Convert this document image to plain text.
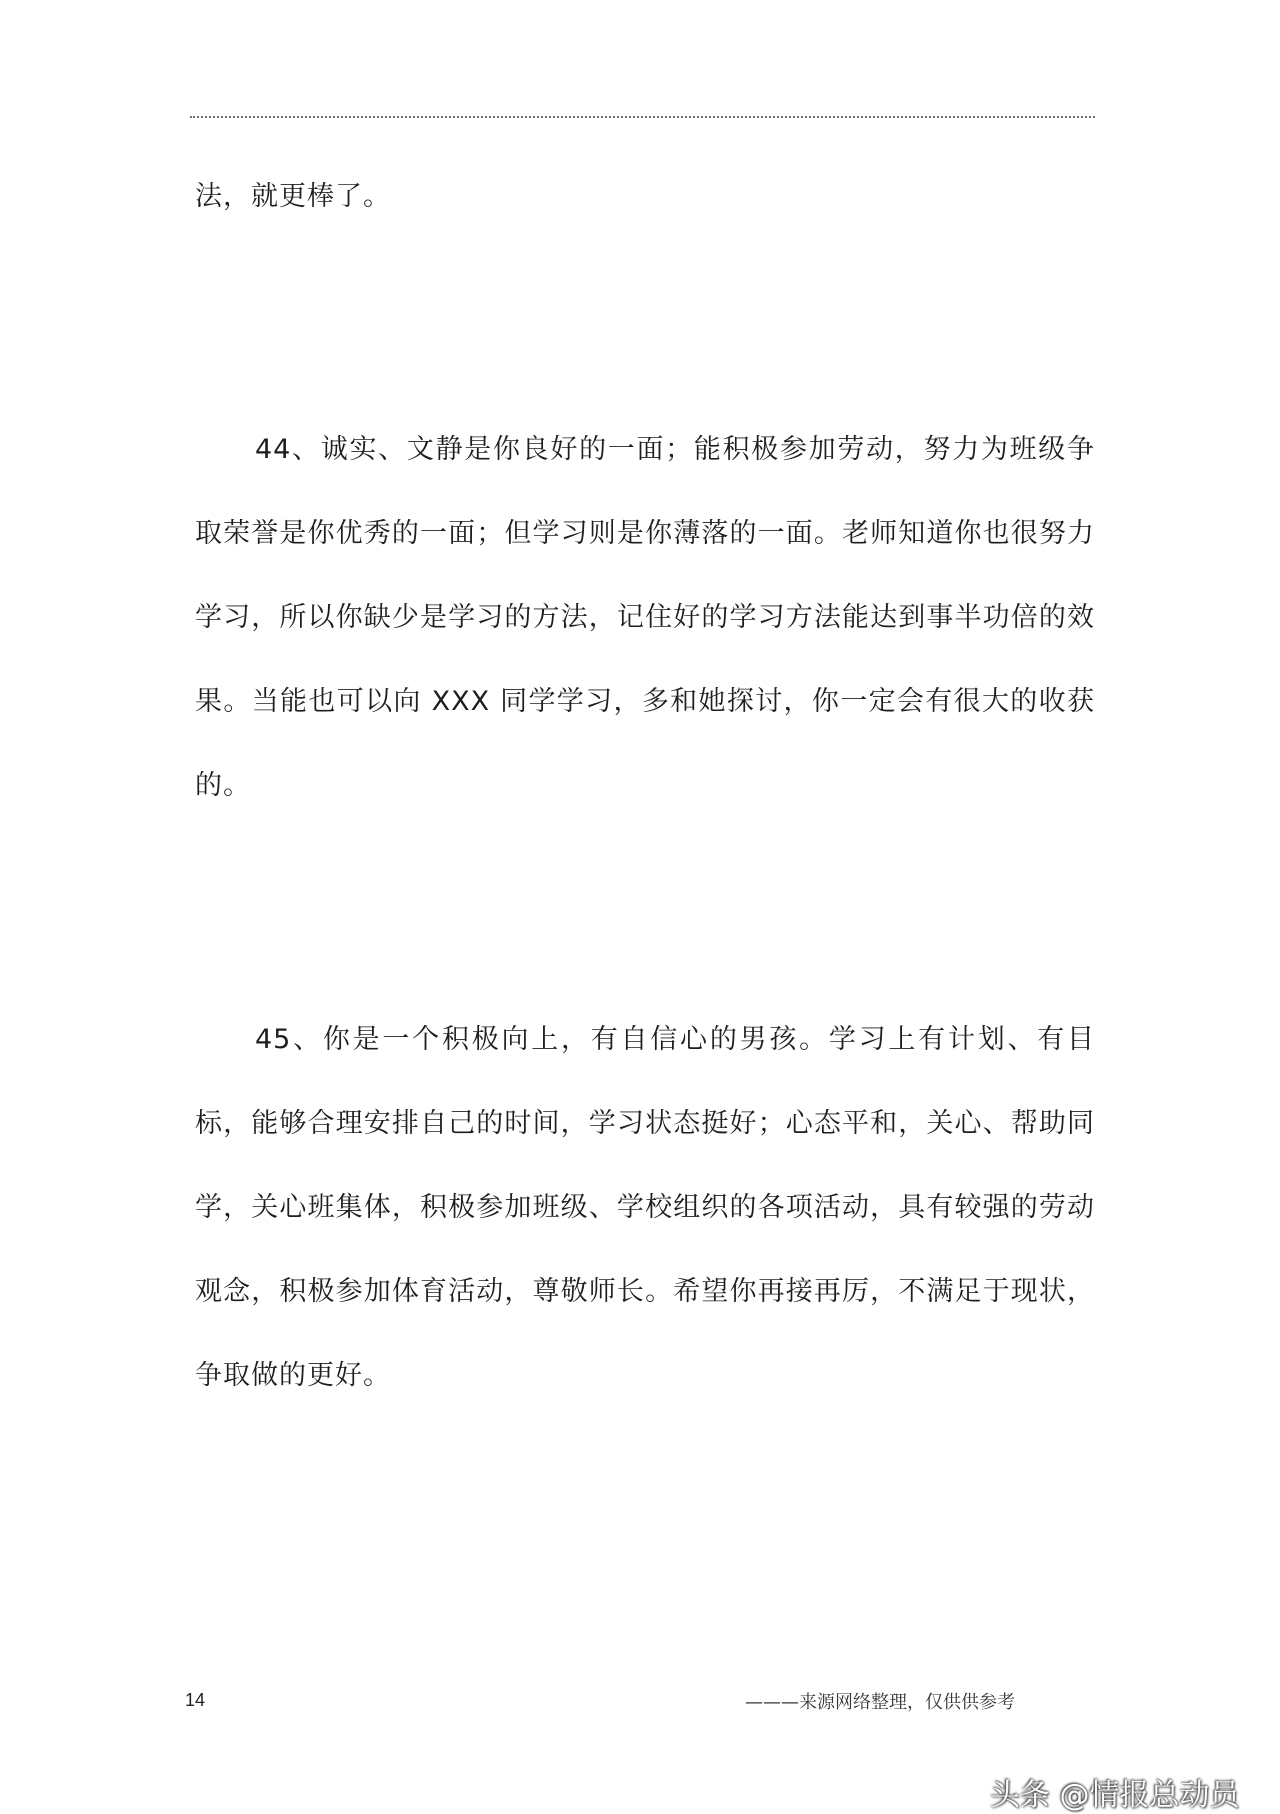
法，就更棒了。

44、诚实、文静是你良好的一面；能积极参加劳动，努力为班级争取荣誉是你优秀的一面；但学习则是你薄落的一面。老师知道你也很努力学习，所以你缺少是学习的方法，记住好的学习方法能达到事半功倍的效果。当能也可以向 XXX 同学学习，多和她探讨，你一定会有很大的收获的。

45、你是一个积极向上，有自信心的男孩。学习上有计划、有目标，能够合理安排自己的时间，学习状态挺好；心态平和，关心、帮助同学，关心班集体，积极参加班级、学校组织的各项活动，具有较强的劳动观念，积极参加体育活动，尊敬师长。希望你再接再厉，不满足于现状，争取做的更好。

14	———来源网络整理，仅供供参考
头条 @情报总动员
